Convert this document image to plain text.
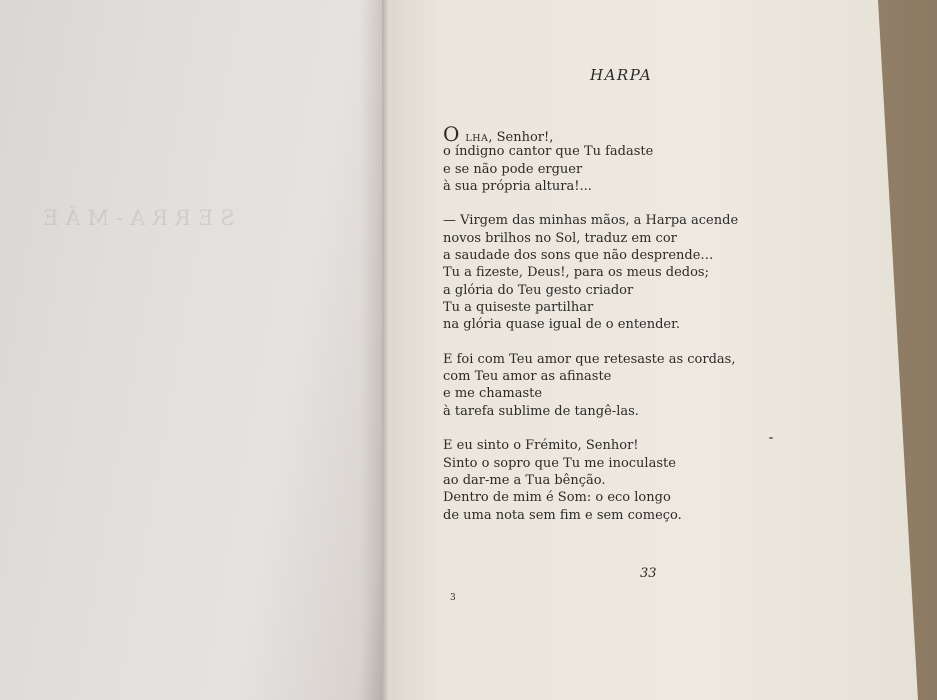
SERRA-MÃE
HARPA
OLHA, Senhor!,
o índigno cantor que Tu fadaste
e se não pode erguer
à sua própria altura!...
— Virgem das minhas mãos, a Harpa acende
novos brilhos no Sol, traduz em cor
a saudade dos sons que não desprende…
Tu a fizeste, Deus!, para os meus dedos;
a glória do Teu gesto criador
Tu a quiseste partilhar
na glória quase igual de o entender.
E foi com Teu amor que retesaste as cordas,
com Teu amor as afinaste
e me chamaste
à tarefa sublime de tangê-las.
E eu sinto o Frémito, Senhor!
Sinto o sopro que Tu me inoculaste
ao dar-me a Tua bênção.
Dentro de mim é Som: o eco longo
de uma nota sem fim e sem começo.
33
3
